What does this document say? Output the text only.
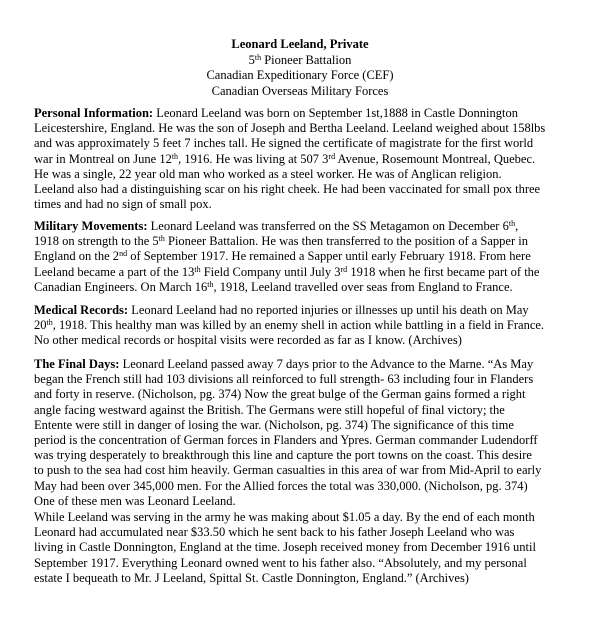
Leonard Leeland, Private
5th Pioneer Battalion
Canadian Expeditionary Force (CEF)
Canadian Overseas Military Forces
Personal Information: Leonard Leeland was born on September 1st,1888 in Castle Donnington
Leicestershire, England. He was the son of Joseph and Bertha Leeland. Leeland weighed about 158lbs
and was approximately 5 feet 7 inches tall. He signed the certificate of magistrate for the first world
war in Montreal on June 12th, 1916. He was living at 507 3rd Avenue, Rosemount Montreal, Quebec.
He was a single, 22 year old man who worked as a steel worker. He was of Anglican religion.
Leeland also had a distinguishing scar on his right cheek. He had been vaccinated for small pox three
times and had no sign of small pox.
Military Movements: Leonard Leeland was transferred on the SS Metagamon on December 6th,
1918 on strength to the 5th Pioneer Battalion. He was then transferred to the position of a Sapper in
England on the 2nd of September 1917. He remained a Sapper until early February 1918. From here
Leeland became a part of the 13th Field Company until July 3rd 1918 when he first became part of the
Canadian Engineers. On March 16th, 1918, Leeland travelled over seas from England to France.
Medical Records: Leonard Leeland had no reported injuries or illnesses up until his death on May
20th, 1918. This healthy man was killed by an enemy shell in action while battling in a field in France.
No other medical records or hospital visits were recorded as far as I know. (Archives)
The Final Days: Leonard Leeland passed away 7 days prior to the Advance to the Marne. “As May
began the French still had 103 divisions all reinforced to full strength- 63 including four in Flanders
and forty in reserve. (Nicholson, pg. 374) Now the great bulge of the German gains formed a right
angle facing westward against the British. The Germans were still hopeful of final victory; the
Entente were still in danger of losing the war. (Nicholson, pg. 374) The significance of this time
period is the concentration of German forces in Flanders and Ypres. German commander Ludendorff
was trying desperately to breakthrough this line and capture the port towns on the coast. This desire
to push to the sea had cost him heavily. German casualties in this area of war from Mid-April to early
May had been over 345,000 men. For the Allied forces the total was 330,000. (Nicholson, pg. 374)
One of these men was Leonard Leeland.
While Leeland was serving in the army he was making about $1.05 a day. By the end of each month
Leonard had accumulated near $33.50 which he sent back to his father Joseph Leeland who was
living in Castle Donnington, England at the time. Joseph received money from December 1916 until
September 1917. Everything Leonard owned went to his father also. “Absolutely, and my personal
estate I bequeath to Mr. J Leeland, Spittal St. Castle Donnington, England.” (Archives)
